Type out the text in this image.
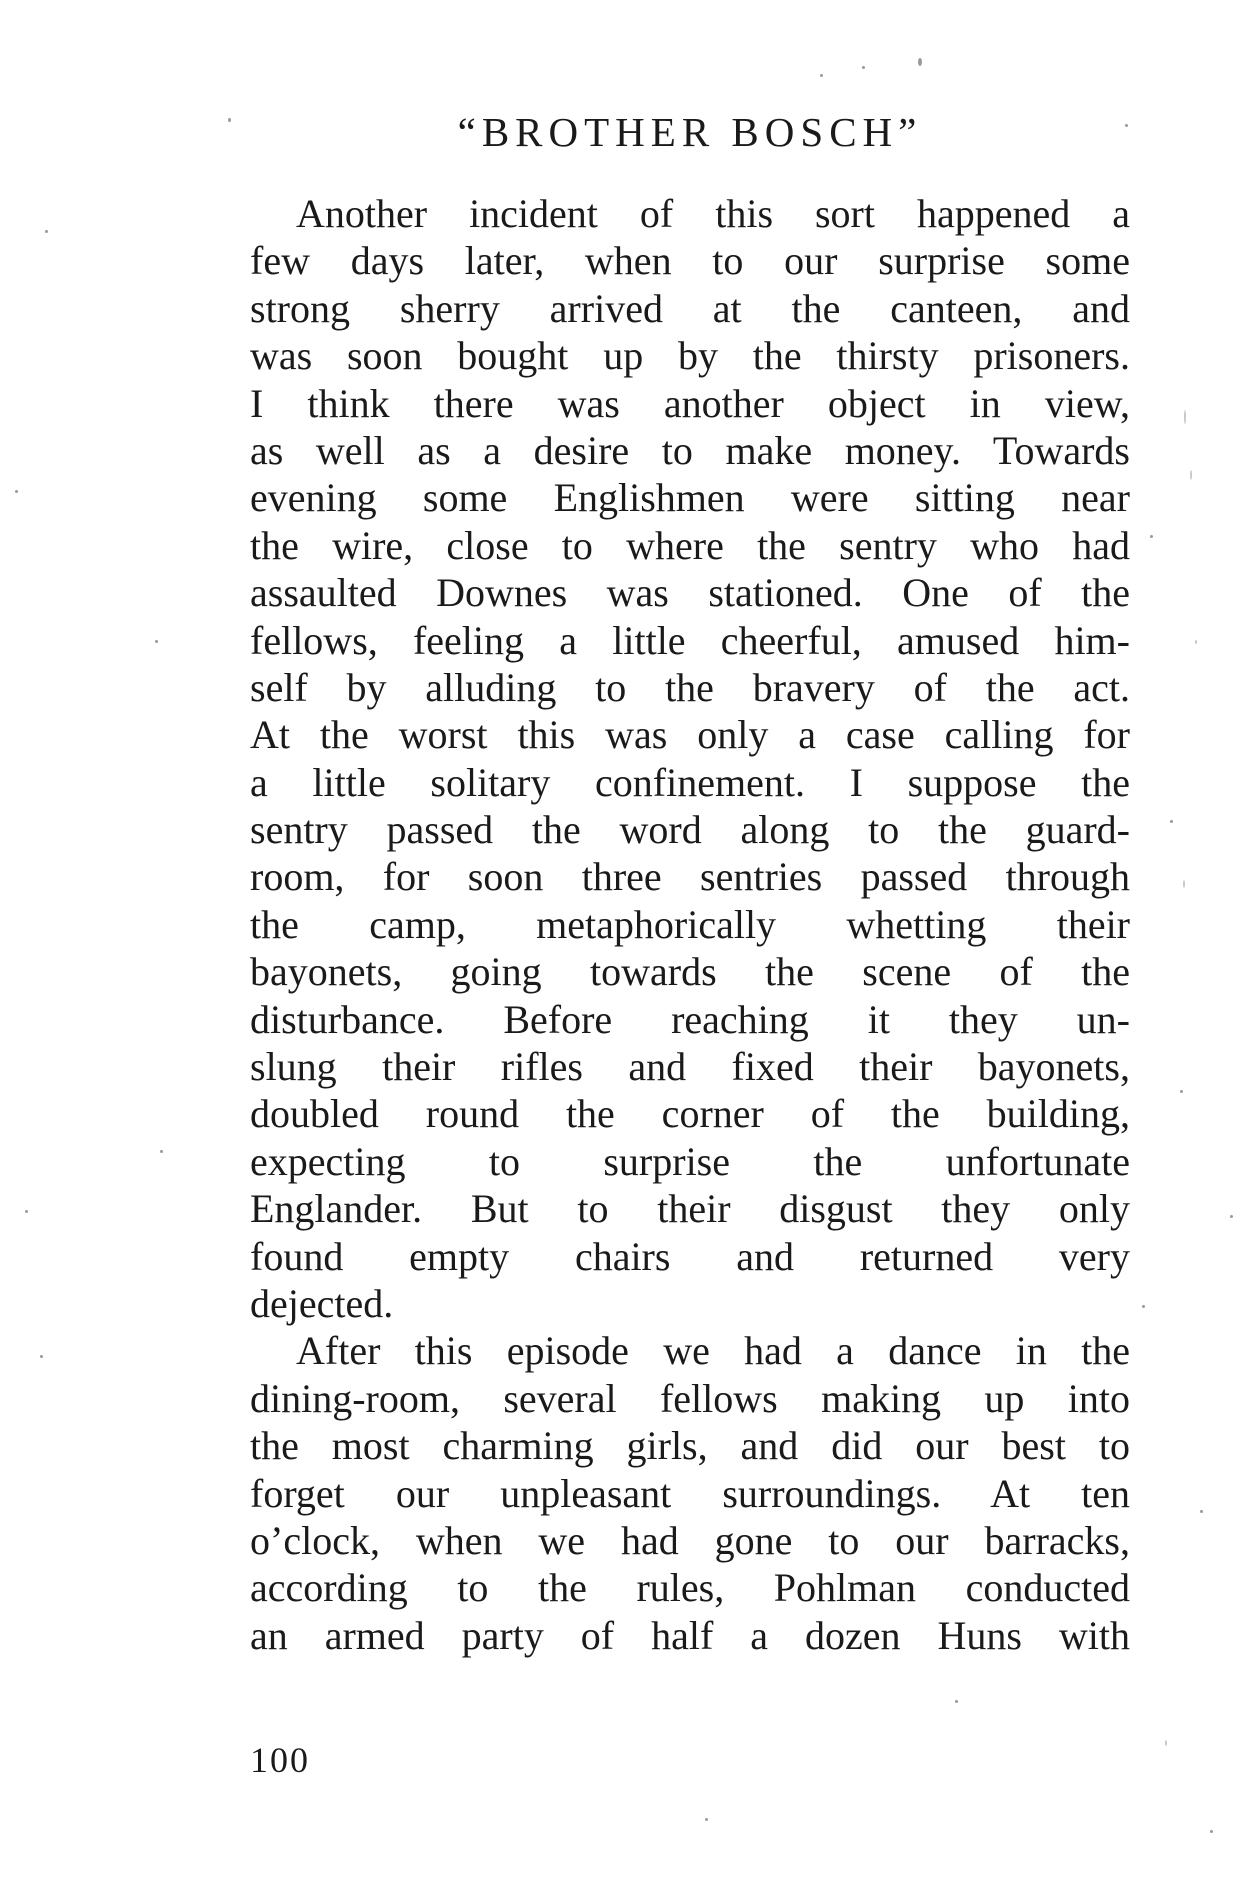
“BROTHER BOSCH”
Another incident of this sort happened a
few days later, when to our surprise some
strong sherry arrived at the canteen, and
was soon bought up by the thirsty prisoners.
I think there was another object in view,
as well as a desire to make money. Towards
evening some Englishmen were sitting near
the wire, close to where the sentry who had
assaulted Downes was stationed. One of the
fellows, feeling a little cheerful, amused him-
self by alluding to the bravery of the act.
At the worst this was only a case calling for
a little solitary confinement. I suppose the
sentry passed the word along to the guard-
room, for soon three sentries passed through
the camp, metaphorically whetting their
bayonets, going towards the scene of the
disturbance. Before reaching it they un-
slung their rifles and fixed their bayonets,
doubled round the corner of the building,
expecting to surprise the unfortunate
Englander. But to their disgust they only
found empty chairs and returned very
dejected.
After this episode we had a dance in the
dining-room, several fellows making up into
the most charming girls, and did our best to
forget our unpleasant surroundings. At ten
o’clock, when we had gone to our barracks,
according to the rules, Pohlman conducted
an armed party of half a dozen Huns with
100
